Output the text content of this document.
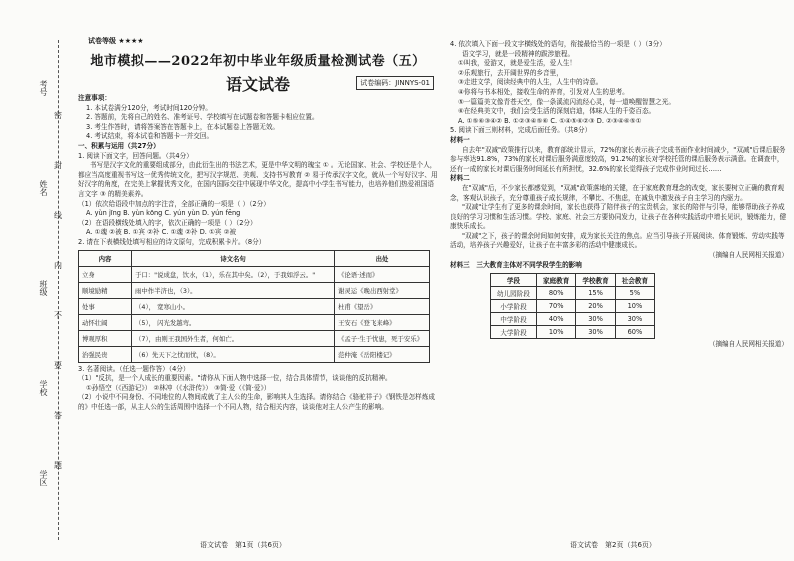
考号
姓名
班级
学校
学区
密
封
线
内
不
要
答
题
试卷等级 ★★★★
地市模拟——2022年初中毕业年级质量检测试卷（五）
语文试卷	试卷编码：JINNYS-01
注意事项：
1. 本试卷满分120分，考试时间120分钟。
2. 答题前，先将自己的姓名、准考证号、学校填写在试题卷和答题卡相应位置。
3. 考生作答时，请将答案答在答题卡上，在本试题卷上答题无效。
4. 考试结束，将本试卷和答题卡一并交回。
一、积累与运用（共27分）
1. 阅读下面文字，回答问题。（共4分）
书写是汉字文化的重要组成部分，由此衍生出的书法艺术，更是中华文明的瑰宝 ① 。无论国家、社会、学校还是个人，都应当高度重视书写这一优秀传统文化，把写汉字规范、美观、支持书写教育 ② 易于传承汉字文化，就从一个写好汉字、用好汉字的角度，在完美上掌握优秀文化，在国内国际交往中展现中华文化，提高中小学生书写能力，也培养他们热爱祖国语言文字 ③ 的精美素养。
（1）依次给语段中加点的字注音，全部正确的一项是（ ）（2分）
A. yùn jīng B. yùn kōng C. yún yùn D. yún fēng
（2）在语段横线处填入的字，依次正确的一项是（ ）（2分）
A. ①魂 ②被 B. ①宾 ②补 C. ①魂 ②补 D. ①宾 ②被
2. 请在下表横线处填写相应的诗文原句，完成积累卡片。（8分）
内容	诗文名句	出处
立身	于口："说成盘，饮水，（1），乐在其中矣。（2），于我如浮云。"	《论语·述而》
顺境励精	雨中作半济也，（3）。	谢灵运《晚出西射堂》
处事	（4）， 宽寒山小。	杜甫《望岳》
动怀壮阔	（5）， 闪光发越弯。	王安石《登飞来峰》
博观厚积	（7），由则王我国外生者，何如亡。	《孟子·生于忧患，死于安乐》
治强民贵	（6）先天下之忧而忧，（8）。	范仲淹《岳阳楼记》
3. 名著阅读。（任选一题作答）（4分）
（1）"反抗，是一个人成长的重要因素。"请你从下面人物中选择一位，结合具体情节，谈谈他的反抗精神。
①孙悟空（《西游记》） ②林冲（《水浒传》） ③简·爱（《简·爱》）
（2）小说中不同身份、不同地位的人物间成就了主人公的生命，影响其人生选择。请你结合《骆驼祥子》《钢铁是怎样炼成的》中任选一部，从主人公的生活周围中选择一个不同人物，结合相关内容，谈谈他对主人公产生的影响。
语文试卷　第1页（共6页）
4. 依次填入下面一段文字横线处的语句，衔接最恰当的一项是（ ）（3分）
语文学习，就是一段精神的跋涉旅程。
①叫我，爱游又，就是爱生活，爱人生！
②乐观旅行，去开阔世界的乡音里，
③走进文学，阅读经典中的人生，人生中的诗意。
④你将与书本相处，接收生命的养育，引发对人生的思考。
⑤一篇篇美文像青苍天空，像一条溪流闪流经心灵，每一道唤醒智慧之光。
⑥在经典美文中，我们会受生活的深刻启迪，体味人生的千姿百态。
A. ①⑤⑥③④② B. ①②③④⑤⑥ C. ①④⑤⑥②③ D. ②③④⑥⑤①
5. 阅读下面三则材料，完成后面任务。（共8分）
材料一
自去年"双减"政策推行以来，教育部统计显示，72%的家长表示孩子完成书面作业时间减少，"双减"后课后服务参与率达91.8%，73%的家长对课后服务满意度较高，91.2%的家长对学校托管的课后服务表示满意。在调查中，还有一成的家长对课后服务时间延长有所担忧，32.6%的家长觉得孩子完成作业时间过长……
材料二
在"双减"后，不少家长都感觉到，"双减"政策落地的关键，在于家庭教育理念的改变，家长要树立正确的教育观念，客观认识孩子，充分尊重孩子成长规律，不攀比、不焦虑，在减负中激发孩子自主学习的内驱力。
"双减"让学生有了更多的课余时间，家长也获得了陪伴孩子的宝贵机会，家长的陪伴与引导，能够帮助孩子养成良好的学习习惯和生活习惯。学校、家庭、社会三方要协同发力，让孩子在各种实践活动中增长见识，锻炼能力，健康快乐成长。
"双减"之下，孩子的课余时间如何安排，成为家长关注的焦点。应当引导孩子开展阅读、体育锻炼、劳动实践等活动，培养孩子兴趣爱好，让孩子在丰富多彩的活动中健康成长。
（摘编自人民网相关报道）
材料三　三大教育主体对不同学段学生的影响
学段	家庭教育	学校教育	社会教育
幼儿园阶段	80%	15%	5%
小学阶段	70%	20%	10%
中学阶段	40%	30%	30%
大学阶段	10%	30%	60%
（摘编自人民网相关报道）
语文试卷　第2页（共6页）
